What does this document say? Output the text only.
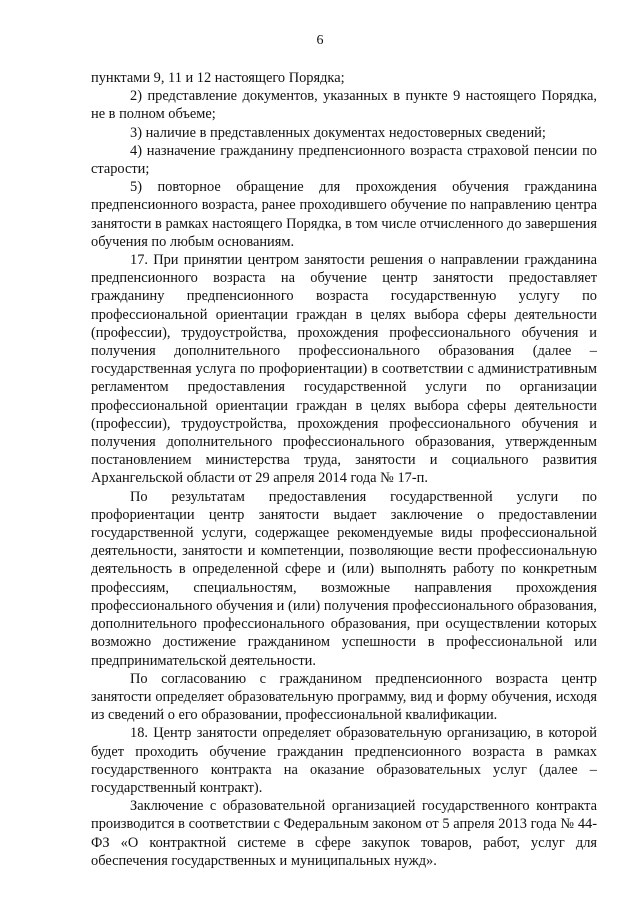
6

пунктами 9, 11 и 12 настоящего Порядка;

2) представление документов, указанных в пункте 9 настоящего Порядка, не в полном объеме;

3) наличие в представленных документах недостоверных сведений;

4) назначение гражданину предпенсионного возраста страховой пенсии по старости;

5) повторное обращение для прохождения обучения гражданина предпенсионного возраста, ранее проходившего обучение по направлению центра занятости в рамках настоящего Порядка, в том числе отчисленного до завершения обучения по любым основаниям.

17. При принятии центром занятости решения о направлении гражданина предпенсионного возраста на обучение центр занятости предоставляет гражданину предпенсионного возраста государственную услугу по профессиональной ориентации граждан в целях выбора сферы деятельности (профессии), трудоустройства, прохождения профессионального обучения и получения дополнительного профессионального образования (далее – государственная услуга по профориентации) в соответствии с административным регламентом предоставления государственной услуги по организации профессиональной ориентации граждан в целях выбора сферы деятельности (профессии), трудоустройства, прохождения профессионального обучения и получения дополнительного профессионального образования, утвержденным постановлением министерства труда, занятости и социального развития Архангельской области от 29 апреля 2014 года № 17-п.

По результатам предоставления государственной услуги по профориентации центр занятости выдает заключение о предоставлении государственной услуги, содержащее рекомендуемые виды профессиональной деятельности, занятости и компетенции, позволяющие вести профессиональную деятельность в определенной сфере и (или) выполнять работу по конкретным профессиям, специальностям, возможные направления прохождения профессионального обучения и (или) получения профессионального образования, дополнительного профессионального образования, при осуществлении которых возможно достижение гражданином успешности в профессиональной или предпринимательской деятельности.

По согласованию с гражданином предпенсионного возраста центр занятости определяет образовательную программу, вид и форму обучения, исходя из сведений о его образовании, профессиональной квалификации.

18. Центр занятости определяет образовательную организацию, в которой будет проходить обучение гражданин предпенсионного возраста в рамках государственного контракта на оказание образовательных услуг (далее – государственный контракт).

Заключение с образовательной организацией государственного контракта производится в соответствии с Федеральным законом от 5 апреля 2013 года № 44-ФЗ «О контрактной системе в сфере закупок товаров, работ, услуг для обеспечения государственных и муниципальных нужд».
